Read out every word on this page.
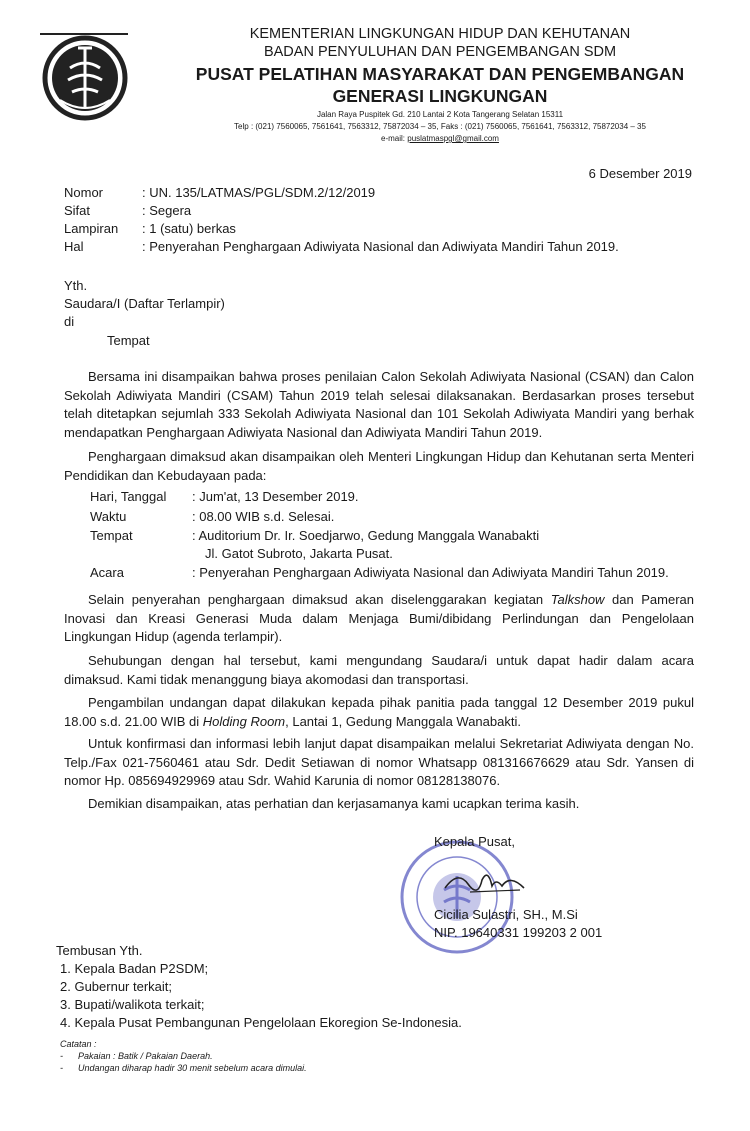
KEMENTERIAN LINGKUNGAN HIDUP DAN KEHUTANAN
BADAN PENYULUHAN DAN PENGEMBANGAN SDM
PUSAT PELATIHAN MASYARAKAT DAN PENGEMBANGAN
GENERASI LINGKUNGAN
Jalan Raya Puspitek Gd. 210 Lantai 2 Kota Tangerang Selatan 15311
Telp : (021) 7560065, 7561641, 7563312, 75872034 – 35, Faks : (021) 7560065, 7561641, 7563312, 75872034 – 35
e-mail: puslatmaspgl@gmail.com
6 Desember 2019
Nomor	: UN. 135/LATMAS/PGL/SDM.2/12/2019
Sifat	: Segera
Lampiran : 1 (satu) berkas
Hal	: Penyerahan Penghargaan Adiwiyata Nasional dan Adiwiyata Mandiri Tahun 2019.
Yth.
Saudara/I (Daftar Terlampir)
di
Tempat
Bersama ini disampaikan bahwa proses penilaian Calon Sekolah Adiwiyata Nasional (CSAN) dan Calon Sekolah Adiwiyata Mandiri (CSAM) Tahun 2019 telah selesai dilaksanakan. Berdasarkan proses tersebut telah ditetapkan sejumlah 333 Sekolah Adiwiyata Nasional dan 101 Sekolah Adiwiyata Mandiri yang berhak mendapatkan Penghargaan Adiwiyata Nasional dan Adiwiyata Mandiri Tahun 2019.
Penghargaan dimaksud akan disampaikan oleh Menteri Lingkungan Hidup dan Kehutanan serta Menteri Pendidikan dan Kebudayaan pada:
Hari, Tanggal : Jum'at, 13 Desember 2019.
Waktu	: 08.00 WIB s.d. Selesai.
Tempat	: Auditorium Dr. Ir. Soedjarwo, Gedung Manggala Wanabakti
Jl. Gatot Subroto, Jakarta Pusat.
Acara	: Penyerahan Penghargaan Adiwiyata Nasional dan Adiwiyata Mandiri Tahun 2019.
Selain penyerahan penghargaan dimaksud akan diselenggarakan kegiatan Talkshow dan Pameran Inovasi dan Kreasi Generasi Muda dalam Menjaga Bumi/dibidang Perlindungan dan Pengelolaan Lingkungan Hidup (agenda terlampir).
Sehubungan dengan hal tersebut, kami mengundang Saudara/i untuk dapat hadir dalam acara dimaksud. Kami tidak menanggung biaya akomodasi dan transportasi.
Pengambilan undangan dapat dilakukan kepada pihak panitia pada tanggal 12 Desember 2019 pukul 18.00 s.d. 21.00 WIB di Holding Room, Lantai 1, Gedung Manggala Wanabakti.
Untuk konfirmasi dan informasi lebih lanjut dapat disampaikan melalui Sekretariat Adiwiyata dengan No. Telp./Fax 021-7560461 atau Sdr. Dedit Setiawan di nomor Whatsapp 081316676629 atau Sdr. Yansen di nomor Hp. 085694929969 atau Sdr. Wahid Karunia di nomor 08128138076.
Demikian disampaikan, atas perhatian dan kerjasamanya kami ucapkan terima kasih.
Kepala Pusat,
Cicilia Sulastri, SH., M.Si
NIP. 19640331 199203 2 001
Tembusan Yth.
1. Kepala Badan P2SDM;
2. Gubernur terkait;
3. Bupati/walikota terkait;
4. Kepala Pusat Pembangunan Pengelolaan Ekoregion Se-Indonesia.
Catatan :
-      Pakaian : Batik / Pakaian Daerah.
-      Undangan diharap hadir 30 menit sebelum acara dimulai.
